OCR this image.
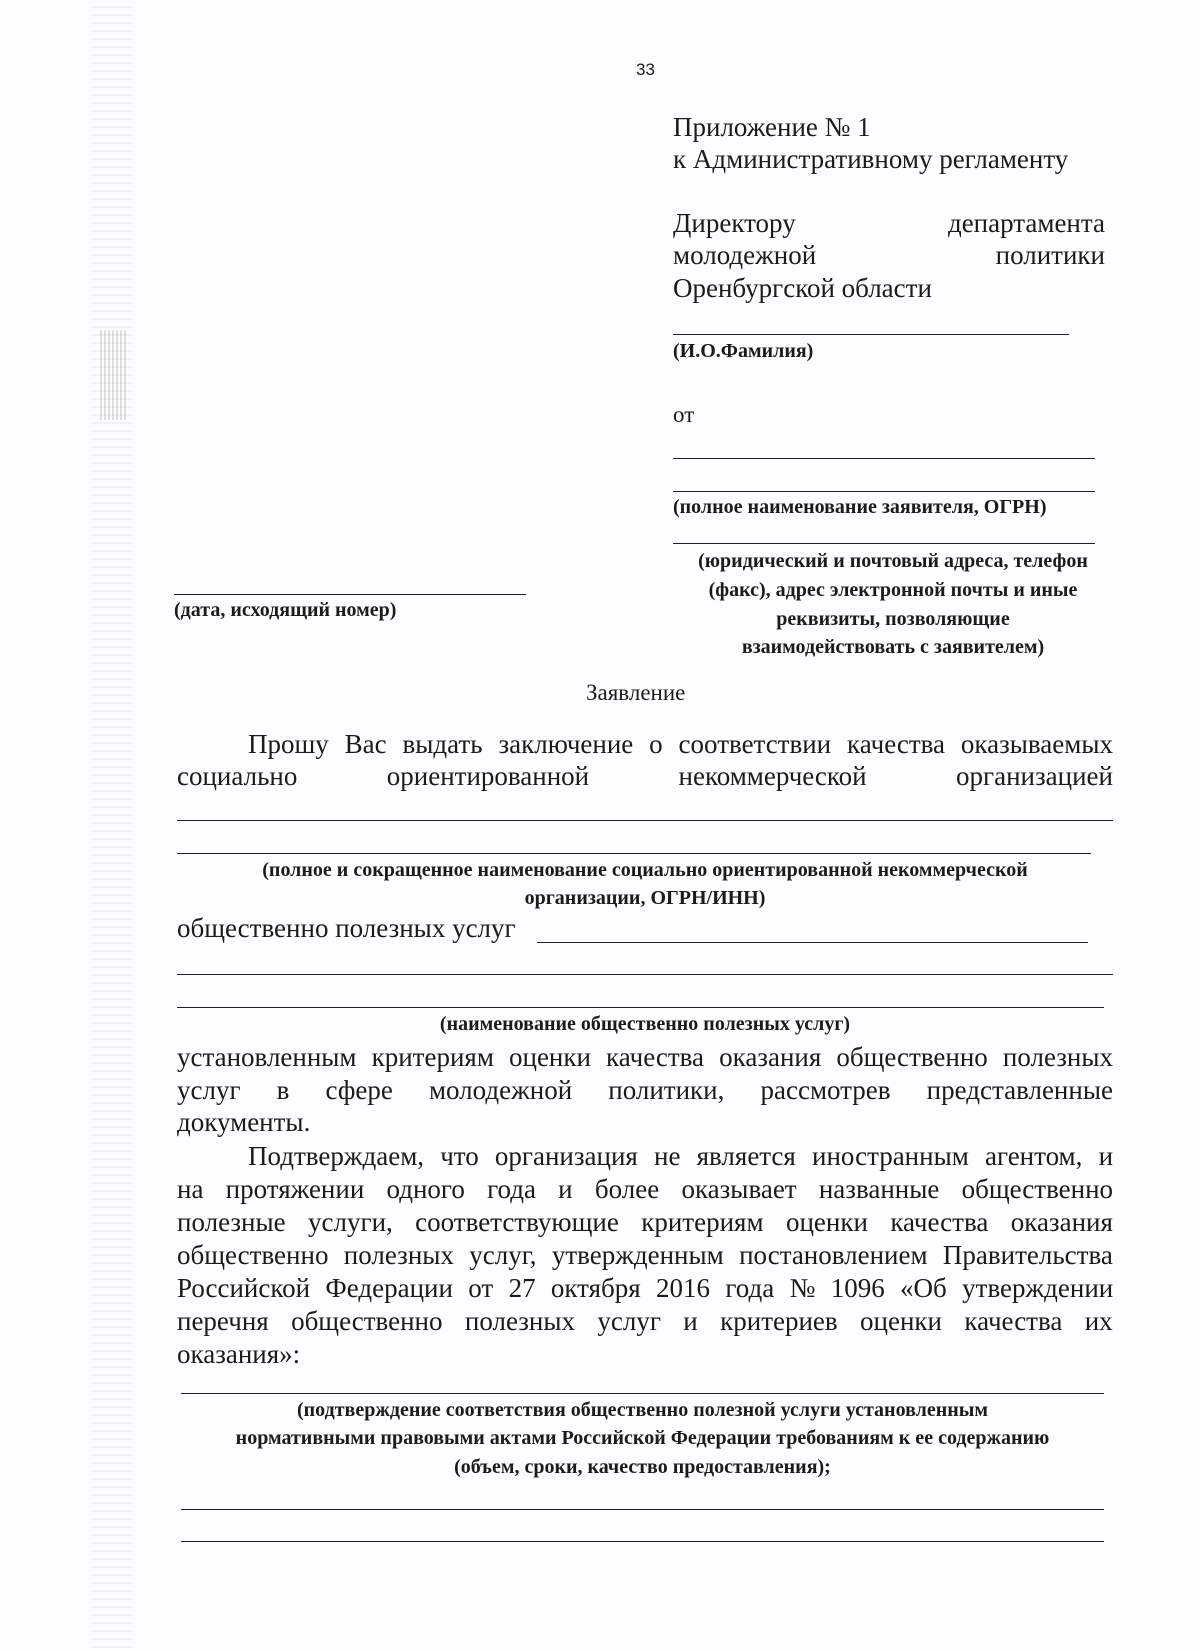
33
Приложение № 1
к Административному регламенту
Директору	департамента
молодежной	политики
Оренбургской области
(И.О.Фамилия)
от
(полное наименование заявителя, ОГРН)
(юридический и почтовый адреса, телефон
(факс), адрес электронной почты и иные
реквизиты, позволяющие
взаимодействовать с заявителем)
(дата, исходящий номер)
Заявление
Прошу Вас выдать заключение о соответствии качества оказываемых
социально	ориентированной	некоммерческой	организацией
(полное и сокращенное наименование социально ориентированной некоммерческой
организации, ОГРН/ИНН)
общественно полезных услуг
(наименование общественно полезных услуг)
установленным критериям оценки качества оказания общественно полезных
услуг в сфере молодежной политики, рассмотрев представленные
документы.
Подтверждаем, что организация не является иностранным агентом, и
на протяжении одного года и более оказывает названные общественно
полезные услуги, соответствующие критериям оценки качества оказания
общественно полезных услуг, утвержденным постановлением Правительства
Российской Федерации от 27 октября 2016 года № 1096 «Об утверждении
перечня общественно полезных услуг и критериев оценки качества их
оказания»:
(подтверждение соответствия общественно полезной услуги установленным
нормативными правовыми актами Российской Федерации требованиям к ее содержанию
(объем, сроки, качество предоставления);
